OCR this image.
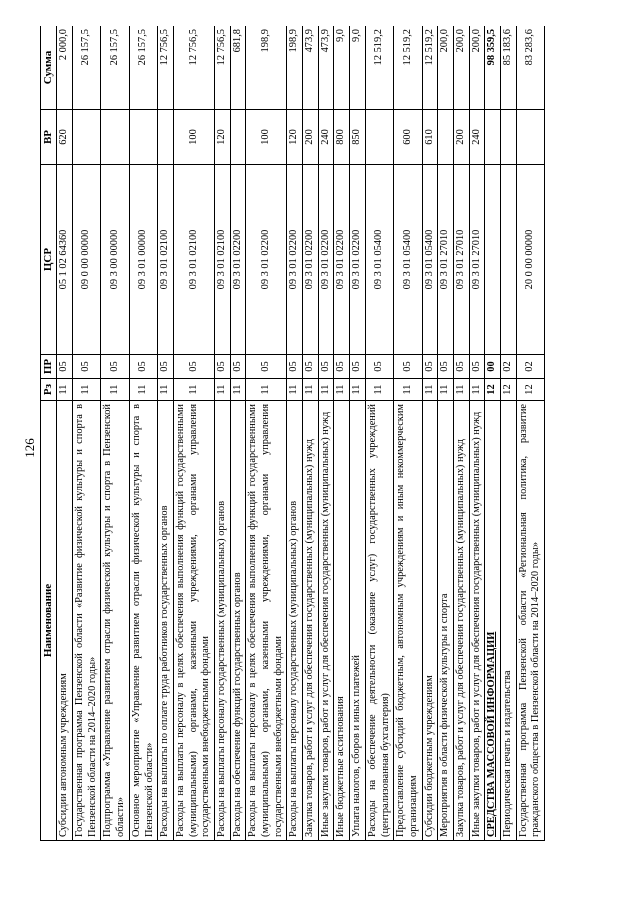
126
Наименование	Рз	ПР	ЦСР	ВР	Сумма
Субсидии автономным учреждениям	11	05	05 1 02 64360	620	2 000,0
Государственная программа Пензенской области «Развитие физической культуры и спорта в Пензенской области на 2014–2020 годы»	11	05	09 0 00 00000		26 157,5
Подпрограмма «Управление развитием отрасли физической культуры и спорта в Пензенской области»	11	05	09 3 00 00000		26 157,5
Основное мероприятие «Управление развитием отрасли физической культуры и спорта в Пензенской области»	11	05	09 3 01 00000		26 157,5
Расходы на выплаты по оплате труда работников государственных органов	11	05	09 3 01 02100		12 756,5
Расходы на выплаты персоналу в целях обеспечения выполнения функций государственными (муниципальными) органами, казенными учреждениями, органами управления государственными внебюджетными фондами	11	05	09 3 01 02100	100	12 756,5
Расходы на выплаты персоналу государственных (муниципальных) органов	11	05	09 3 01 02100	120	12 756,5
Расходы на обеспечение функций государственных органов	11	05	09 3 01 02200		681,8
Расходы на выплаты персоналу в целях обеспечения выполнения функций государственными (муниципальными) органами, казенными учреждениями, органами управления государственными внебюджетными фондами	11	05	09 3 01 02200	100	198,9
Расходы на выплаты персоналу государственных (муниципальных) органов	11	05	09 3 01 02200	120	198,9
Закупка товаров, работ и услуг для обеспечения государственных (муниципальных) нужд	11	05	09 3 01 02200	200	473,9
Иные закупки товаров, работ и услуг для обеспечения государственных (муниципальных) нужд	11	05	09 3 01 02200	240	473,9
Иные бюджетные ассигнования	11	05	09 3 01 02200	800	9,0
Уплата налогов, сборов и иных платежей	11	05	09 3 01 02200	850	9,0
Расходы на обеспечение деятельности (оказание услуг) государственных учреждений (централизованная бухгалтерия)	11	05	09 3 01 05400		12 519,2
Предоставление субсидий бюджетным, автономным учреждениям и иным некоммерческим организациям	11	05	09 3 01 05400	600	12 519,2
Субсидии бюджетным учреждениям	11	05	09 3 01 05400	610	12 519,2
Мероприятия в области физической культуры и спорта	11	05	09 3 01 27010		200,0
Закупка товаров, работ и услуг для обеспечения государственных (муниципальных) нужд	11	05	09 3 01 27010	200	200,0
Иные закупки товаров, работ и услуг для обеспечения государственных (муниципальных) нужд	11	05	09 3 01 27010	240	200,0
СРЕДСТВА МАССОВОЙ ИНФОРМАЦИИ	12	00			98 359,5
Периодическая печать и издательства	12	02			85 183,6
Государственная программа Пензенской области «Региональная политика, развитие гражданского общества в Пензенской области на 2014–2020 годы»	12	02	20 0 00 00000		83 283,6
